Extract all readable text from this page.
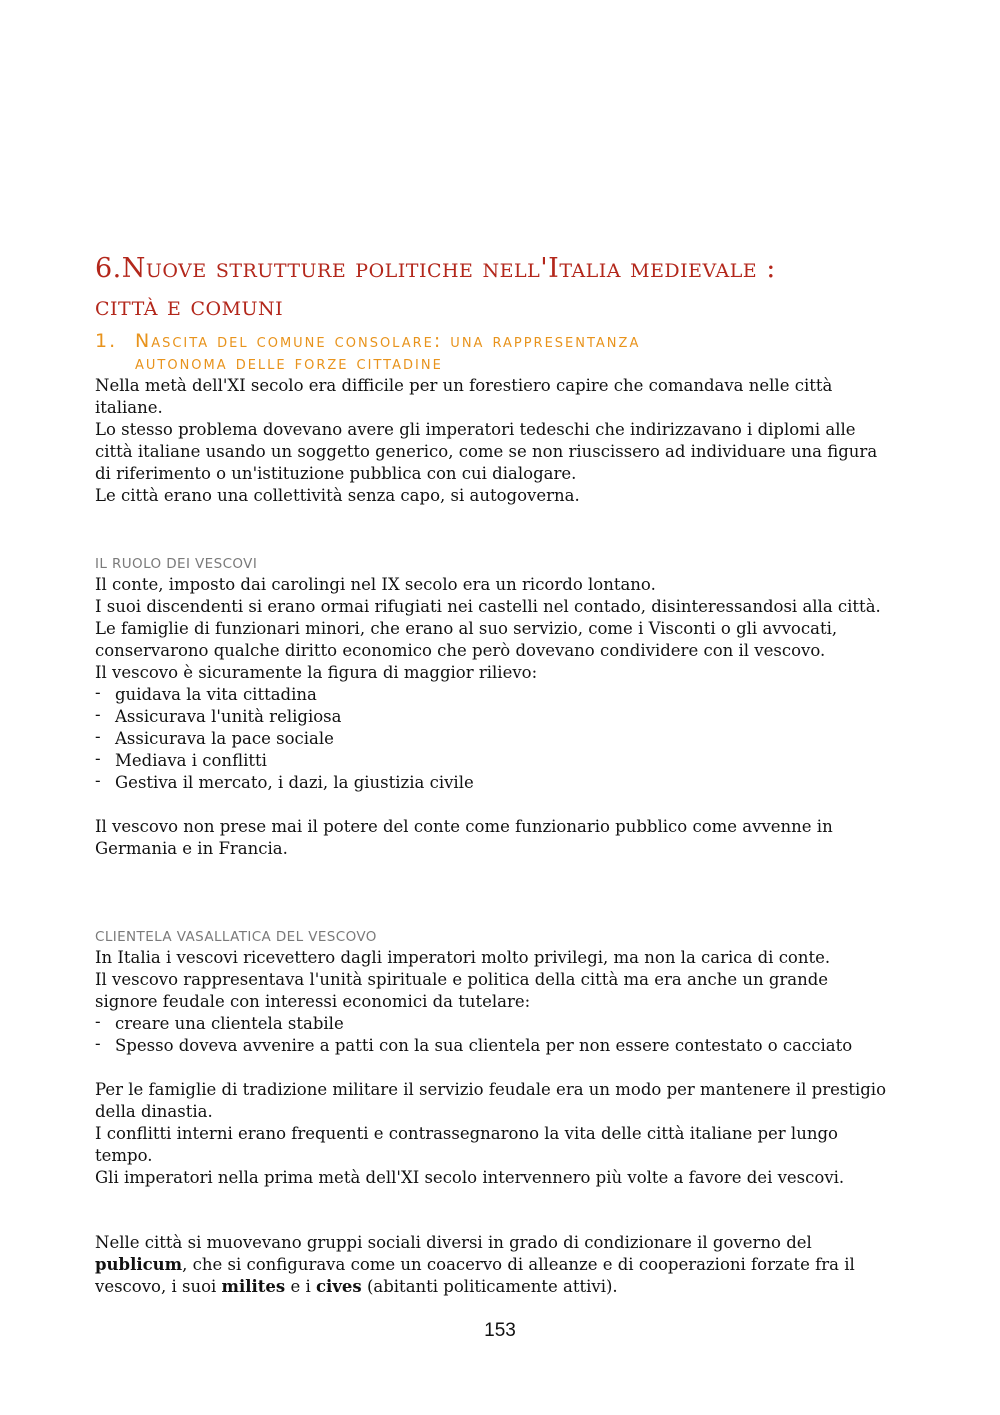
6.Nuove strutture politiche nell'Italia medievale :
città e comuni
1. Nascita del comune consolare: una rappresentanza
autonoma delle forze cittadine

Nella metà dell'XI secolo era difficile per un forestiero capire che comandava nelle città italiane.

Lo stesso problema dovevano avere gli imperatori tedeschi che indirizzavano i diplomi alle città italiane usando un soggetto generico, come se non riuscissero ad individuare una figura di riferimento o un'istituzione pubblica con cui dialogare.

Le città erano una collettività senza capo, si autogoverna.

IL RUOLO DEI VESCOVI

Il conte, imposto dai carolingi nel IX secolo era un ricordo lontano.

I suoi discendenti si erano ormai rifugiati nei castelli nel contado, disinteressandosi alla città.

Le famiglie di funzionari minori, che erano al suo servizio, come i Visconti o gli avvocati, conservarono qualche diritto economico che però dovevano condividere con il vescovo.

Il vescovo è sicuramente la figura di maggior rilievo:

- guidava la vita cittadina
- Assicurava l'unità religiosa
- Assicurava la pace sociale
- Mediava i conflitti
- Gestiva il mercato, i dazi, la giustizia civile

Il vescovo non prese mai il potere del conte come funzionario pubblico come avvenne in Germania e in Francia.

CLIENTELA VASALLATICA DEL VESCOVO

In Italia i vescovi ricevettero dagli imperatori molto privilegi, ma non la carica di conte.

Il vescovo rappresentava l'unità spirituale e politica della città ma era anche un grande signore feudale con interessi economici da tutelare:

- creare una clientela stabile
- Spesso doveva avvenire a patti con la sua clientela per non essere contestato o cacciato

Per le famiglie di tradizione militare il servizio feudale era un modo per mantenere il prestigio della dinastia.

I conflitti interni erano frequenti e contrassegnarono la vita delle città italiane per lungo tempo.

Gli imperatori nella prima metà dell'XI secolo intervennero più volte a favore dei vescovi.

Nelle città si muovevano gruppi sociali diversi in grado di condizionare il governo del publicum, che si configurava come un coacervo di alleanze e di cooperazioni forzate fra il vescovo, i suoi milites e i cives (abitanti politicamente attivi).

153
